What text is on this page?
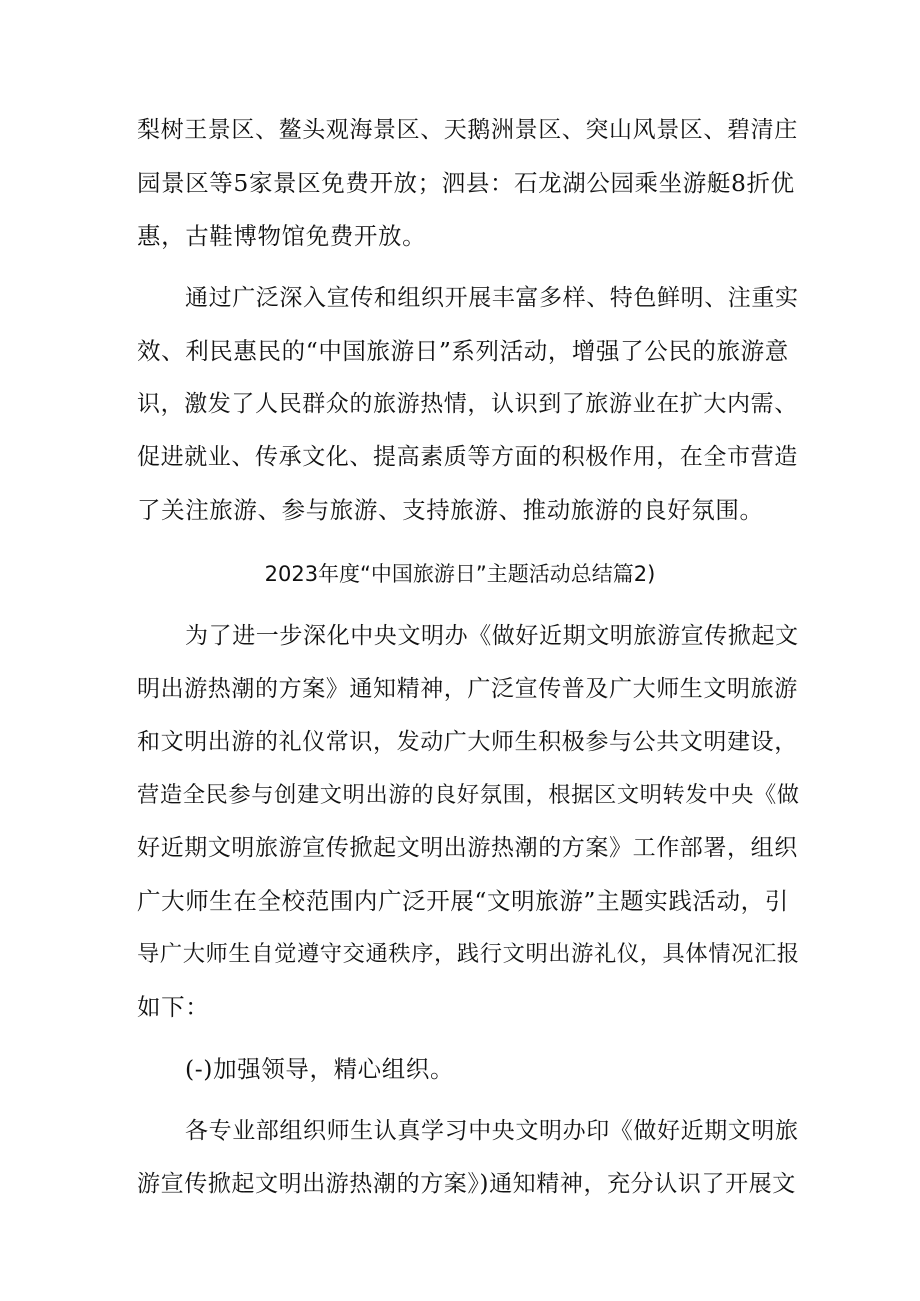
梨树王景区、鳌头观海景区、天鹅洲景区、突山风景区、碧清庄
园景区等5家景区免费开放；泗县：石龙湖公园乘坐游艇8折优
惠，古鞋博物馆免费开放。
通过广泛深入宣传和组织开展丰富多样、特色鲜明、注重实
效、利民惠民的“中国旅游日”系列活动，增强了公民的旅游意
识，激发了人民群众的旅游热情，认识到了旅游业在扩大内需、
促进就业、传承文化、提高素质等方面的积极作用，在全市营造
了关注旅游、参与旅游、支持旅游、推动旅游的良好氛围。
2023年度“中国旅游日”主题活动总结篇2)
为了进一步深化中央文明办《做好近期文明旅游宣传掀起文
明出游热潮的方案》通知精神，广泛宣传普及广大师生文明旅游
和文明出游的礼仪常识，发动广大师生积极参与公共文明建设，
营造全民参与创建文明出游的良好氛围，根据区文明转发中央《做
好近期文明旅游宣传掀起文明出游热潮的方案》工作部署，组织
广大师生在全校范围内广泛开展“文明旅游”主题实践活动，引
导广大师生自觉遵守交通秩序，践行文明出游礼仪，具体情况汇报
如下：
(-)加强领导，精心组织。
各专业部组织师生认真学习中央文明办印《做好近期文明旅
游宣传掀起文明出游热潮的方案》)通知精神，充分认识了开展文
